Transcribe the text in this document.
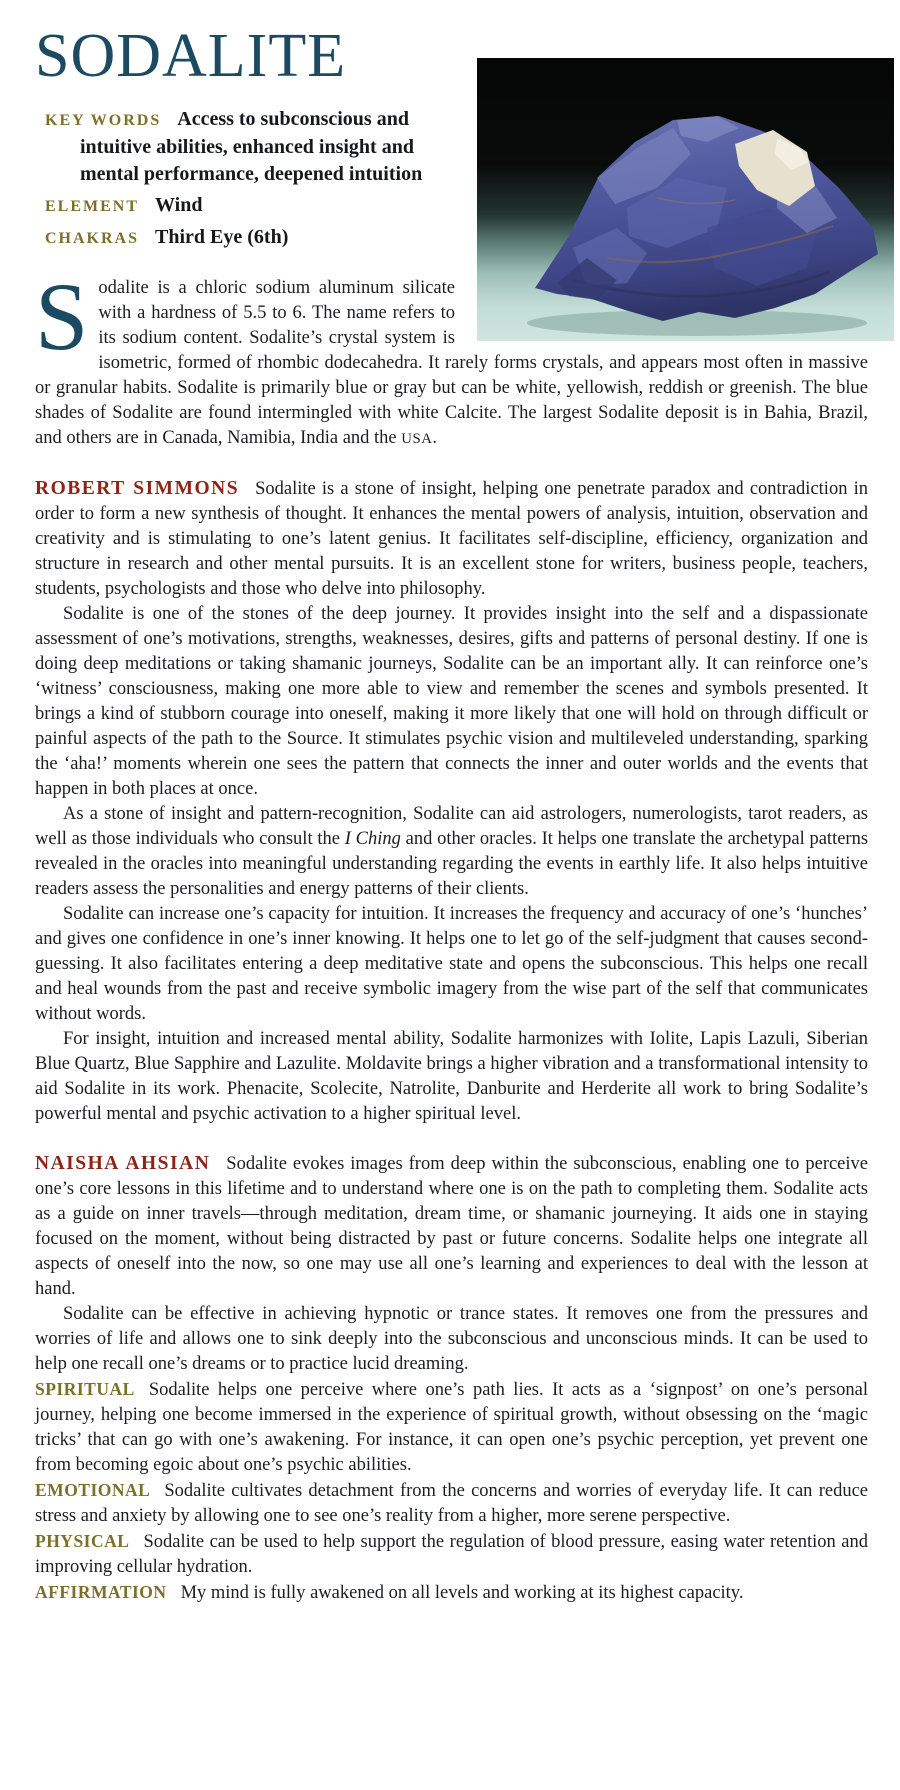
SODALITE

KEY WORDS Access to subconscious and intuitive abilities, enhanced insight and mental performance, deepened intuition

ELEMENT Wind

CHAKRAS Third Eye (6th)

Sodalite is a chloric sodium aluminum silicate with a hardness of 5.5 to 6. The name refers to its sodium content. Sodalite’s crystal system is isometric, formed of rhombic dodecahedra. It rarely forms crystals, and appears most often in massive or granular habits. Sodalite is primarily blue or gray but can be white, yellowish, reddish or greenish. The blue shades of Sodalite are found intermingled with white Calcite. The largest Sodalite deposit is in Bahia, Brazil, and others are in Canada, Namibia, India and the USA.

ROBERT SIMMONS Sodalite is a stone of insight, helping one penetrate paradox and contradiction in order to form a new synthesis of thought. It enhances the mental powers of analysis, intuition, observation and creativity and is stimulating to one’s latent genius. It facilitates self-discipline, efficiency, organization and structure in research and other mental pursuits. It is an excellent stone for writers, business people, teachers, students, psychologists and those who delve into philosophy.

Sodalite is one of the stones of the deep journey. It provides insight into the self and a dispassionate assessment of one’s motivations, strengths, weaknesses, desires, gifts and patterns of personal destiny. If one is doing deep meditations or taking shamanic journeys, Sodalite can be an important ally. It can reinforce one’s ‘witness’ consciousness, making one more able to view and remember the scenes and symbols presented. It brings a kind of stubborn courage into oneself, making it more likely that one will hold on through difficult or painful aspects of the path to the Source. It stimulates psychic vision and multileveled understanding, sparking the ‘aha!’ moments wherein one sees the pattern that connects the inner and outer worlds and the events that happen in both places at once.

As a stone of insight and pattern-recognition, Sodalite can aid astrologers, numerologists, tarot readers, as well as those individuals who consult the I Ching and other oracles. It helps one translate the archetypal patterns revealed in the oracles into meaningful understanding regarding the events in earthly life. It also helps intuitive readers assess the personalities and energy patterns of their clients.

Sodalite can increase one’s capacity for intuition. It increases the frequency and accuracy of one’s ‘hunches’ and gives one confidence in one’s inner knowing. It helps one to let go of the self-judgment that causes second-guessing. It also facilitates entering a deep meditative state and opens the subconscious. This helps one recall and heal wounds from the past and receive symbolic imagery from the wise part of the self that communicates without words.

For insight, intuition and increased mental ability, Sodalite harmonizes with Iolite, Lapis Lazuli, Siberian Blue Quartz, Blue Sapphire and Lazulite. Moldavite brings a higher vibration and a transformational intensity to aid Sodalite in its work. Phenacite, Scolecite, Natrolite, Danburite and Herderite all work to bring Sodalite’s powerful mental and psychic activation to a higher spiritual level.

NAISHA AHSIAN Sodalite evokes images from deep within the subconscious, enabling one to perceive one’s core lessons in this lifetime and to understand where one is on the path to completing them. Sodalite acts as a guide on inner travels—through meditation, dream time, or shamanic journeying. It aids one in staying focused on the moment, without being distracted by past or future concerns. Sodalite helps one integrate all aspects of oneself into the now, so one may use all one’s learning and experiences to deal with the lesson at hand.

Sodalite can be effective in achieving hypnotic or trance states. It removes one from the pressures and worries of life and allows one to sink deeply into the subconscious and unconscious minds. It can be used to help one recall one’s dreams or to practice lucid dreaming.

SPIRITUAL Sodalite helps one perceive where one’s path lies. It acts as a ‘signpost’ on one’s personal journey, helping one become immersed in the experience of spiritual growth, without obsessing on the ‘magic tricks’ that can go with one’s awakening. For instance, it can open one’s psychic perception, yet prevent one from becoming egoic about one’s psychic abilities.

EMOTIONAL Sodalite cultivates detachment from the concerns and worries of everyday life. It can reduce stress and anxiety by allowing one to see one’s reality from a higher, more serene perspective.

PHYSICAL Sodalite can be used to help support the regulation of blood pressure, easing water retention and improving cellular hydration.

AFFIRMATION My mind is fully awakened on all levels and working at its highest capacity.
